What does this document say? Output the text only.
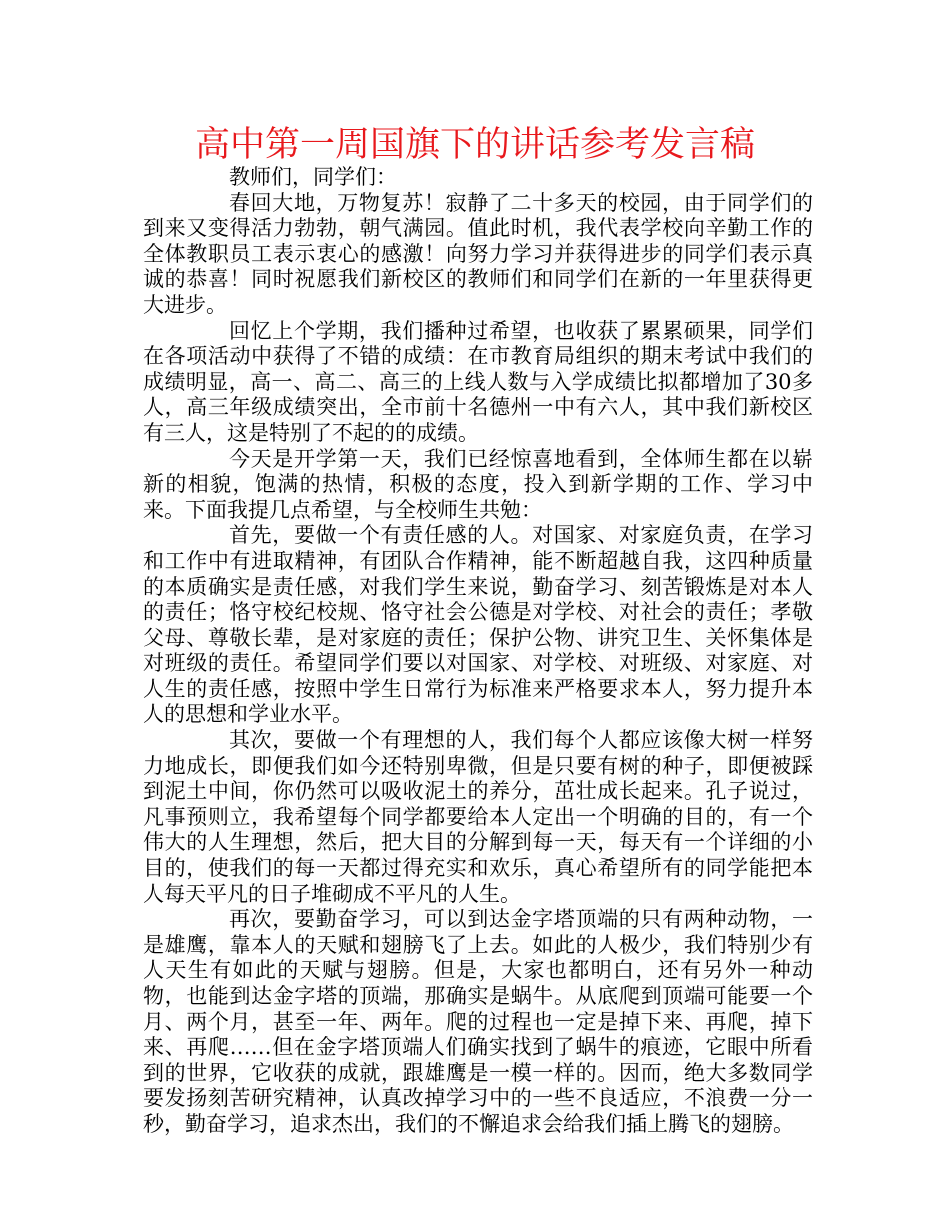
高中第一周国旗下的讲话参考发言稿

教师们，同学们：

春回大地，万物复苏！寂静了二十多天的校园，由于同学们的到来又变得活力勃勃，朝气满园。值此时机，我代表学校向辛勤工作的全体教职员工表示衷心的感激！向努力学习并获得进步的同学们表示真诚的恭喜！同时祝愿我们新校区的教师们和同学们在新的一年里获得更大进步。

回忆上个学期，我们播种过希望，也收获了累累硕果，同学们在各项活动中获得了不错的成绩：在市教育局组织的期末考试中我们的成绩明显，高一、高二、高三的上线人数与入学成绩比拟都增加了30多人，高三年级成绩突出，全市前十名德州一中有六人，其中我们新校区有三人，这是特别了不起的的成绩。

今天是开学第一天，我们已经惊喜地看到，全体师生都在以崭新的相貌，饱满的热情，积极的态度，投入到新学期的工作、学习中来。下面我提几点希望，与全校师生共勉：

首先，要做一个有责任感的人。对国家、对家庭负责，在学习和工作中有进取精神，有团队合作精神，能不断超越自我，这四种质量的本质确实是责任感，对我们学生来说，勤奋学习、刻苦锻炼是对本人的责任；恪守校纪校规、恪守社会公德是对学校、对社会的责任；孝敬父母、尊敬长辈，是对家庭的责任；保护公物、讲究卫生、关怀集体是对班级的责任。希望同学们要以对国家、对学校、对班级、对家庭、对人生的责任感，按照中学生日常行为标准来严格要求本人，努力提升本人的思想和学业水平。

其次，要做一个有理想的人，我们每个人都应该像大树一样努力地成长，即便我们如今还特别卑微，但是只要有树的种子，即便被踩到泥土中间，你仍然可以吸收泥土的养分，茁壮成长起来。孔子说过，凡事预则立，我希望每个同学都要给本人定出一个明确的目的，有一个伟大的人生理想，然后，把大目的分解到每一天，每天有一个详细的小目的，使我们的每一天都过得充实和欢乐，真心希望所有的同学能把本人每天平凡的日子堆砌成不平凡的人生。

再次，要勤奋学习，可以到达金字塔顶端的只有两种动物，一是雄鹰，靠本人的天赋和翅膀飞了上去。如此的人极少，我们特别少有人天生有如此的天赋与翅膀。但是，大家也都明白，还有另外一种动物，也能到达金字塔的顶端，那确实是蜗牛。从底爬到顶端可能要一个月、两个月，甚至一年、两年。爬的过程也一定是掉下来、再爬，掉下来、再爬……但在金字塔顶端人们确实找到了蜗牛的痕迹，它眼中所看到的世界，它收获的成就，跟雄鹰是一模一样的。因而，绝大多数同学要发扬刻苦研究精神，认真改掉学习中的一些不良适应，不浪费一分一秒，勤奋学习，追求杰出，我们的不懈追求会给我们插上腾飞的翅膀。
